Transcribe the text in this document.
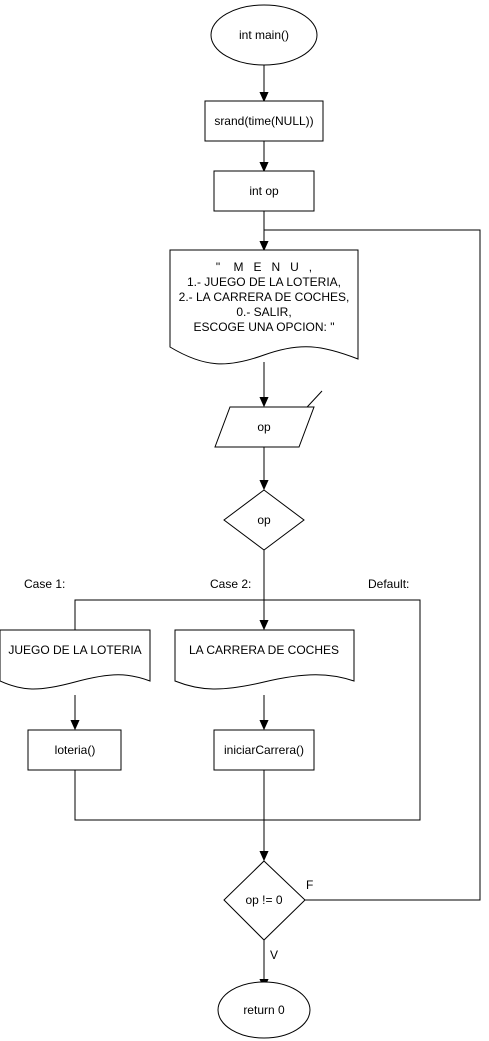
int main()
srand(time(NULL))
int op
"    M   E   N   U   ,
1.- JUEGO DE LA LOTERIA,
2.- LA CARRERA DE COCHES,
0.- SALIR,
ESCOGE UNA OPCION: "
op
op
Case 1:	Case 2:	Default:
JUEGO DE LA LOTERIA	LA CARRERA DE COCHES
loteria()	iniciarCarrera()
op != 0
F
V
return 0
